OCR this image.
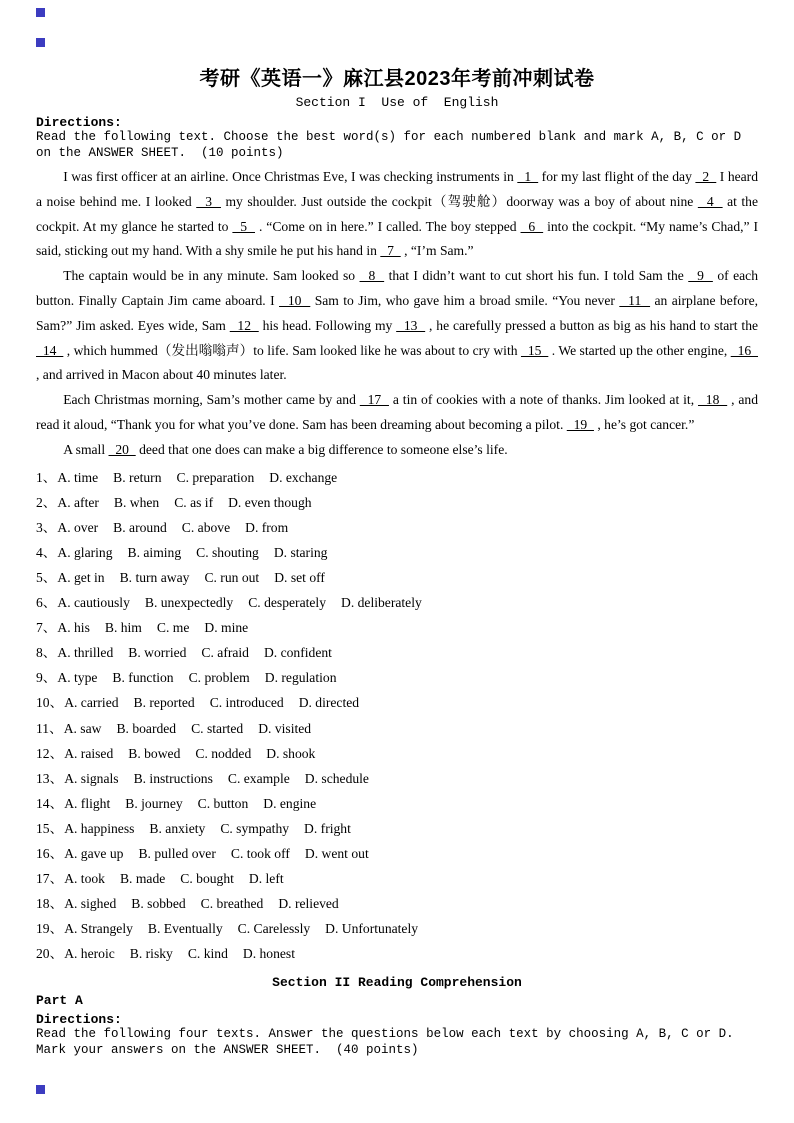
考研《英语一》麻江县2023年考前冲刺试卷
Section I  Use of  English
Directions:
Read the following text. Choose the best word(s) for each numbered blank and mark A, B, C or D on the ANSWER SHEET.  (10 points)

I was first officer at an airline. Once Christmas Eve, I was checking instruments in   1   for my last flight of the day   2   I heard a noise behind me. I looked   3   my shoulder. Just outside the cockpit（驾驶舱）doorway was a boy of about nine   4   at the cockpit. At my glance he started to   5   . “Come on in here.” I called. The boy stepped   6   into the cockpit. “My name’s Chad,” I said, sticking out my hand. With a shy smile he put his hand in   7   , “I’m Sam.”

The captain would be in any minute. Sam looked so   8   that I didn’t want to cut short his fun. I told Sam the   9   of each button. Finally Captain Jim came aboard. I   10   Sam to Jim, who gave him a broad smile. “You never   11   an airplane before, Sam?” Jim asked. Eyes wide, Sam   12   his head. Following my   13   , he carefully pressed a button as big as his hand to start the   14   , which hummed（发出嗡嗡声）to life. Sam looked like he was about to cry with   15   . We started up the other engine,   16   , and arrived in Macon about 40 minutes later.

Each Christmas morning, Sam’s mother came by and   17   a tin of cookies with a note of thanks. Jim looked at it,   18   , and read it aloud, “Thank you for what you’ve done. Sam has been dreaming about becoming a pilot.   19   , he’s got cancer.”

A small   20   deed that one does can make a big difference to someone else’s life.

1、A. time B. return C. preparation D. exchange
2、A. after B. when C. as if D. even though
3、A. over B. around C. above D. from
4、A. glaring B. aiming C. shouting D. staring
5、A. get in B. turn away C. run out D. set off
6、A. cautiously B. unexpectedly C. desperately D. deliberately
7、A. his B. him C. me D. mine
8、A. thrilled B. worried C. afraid D. confident
9、A. type B. function C. problem D. regulation
10、A. carried B. reported C. introduced D. directed
11、A. saw B. boarded C. started D. visited
12、A. raised B. bowed C. nodded D. shook
13、A. signals B. instructions C. example D. schedule
14、A. flight B. journey C. button D. engine
15、A. happiness B. anxiety C. sympathy D. fright
16、A. gave up B. pulled over C. took off D. went out
17、A. took B. made C. bought D. left
18、A. sighed B. sobbed C. breathed D. relieved
19、A. Strangely B. Eventually C. Carelessly D. Unfortunately
20、A. heroic B. risky C. kind D. honest
Section II Reading Comprehension
Part A
Directions:
Read the following four texts. Answer the questions below each text by choosing A, B, C or D. Mark your answers on the ANSWER SHEET.  (40 points)
